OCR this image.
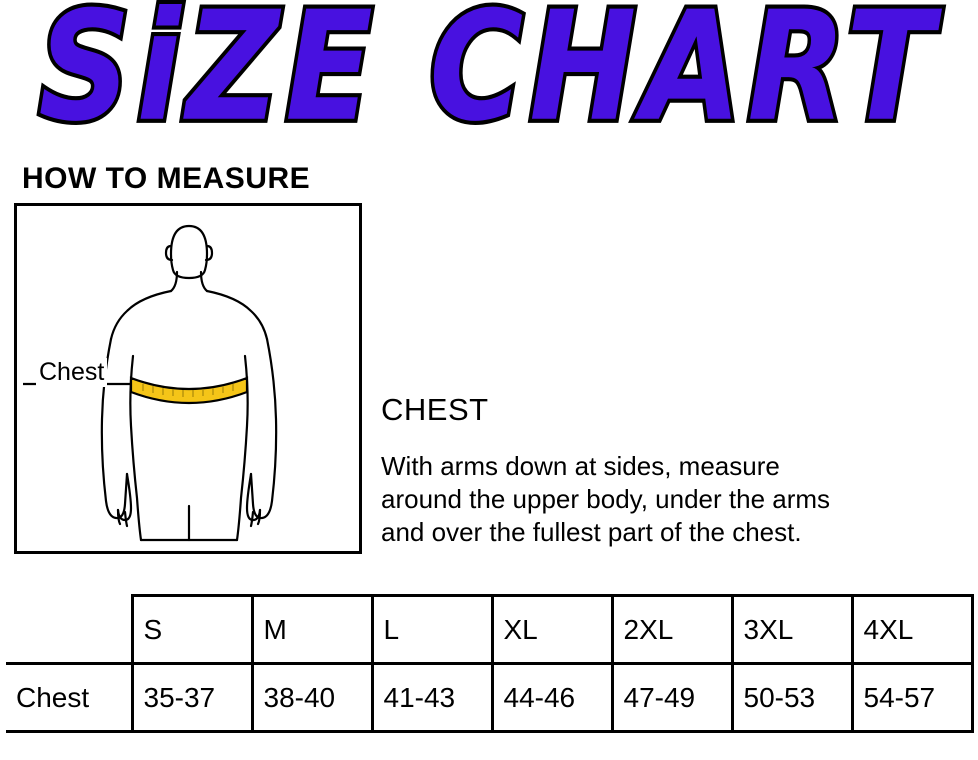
SiZE CHART
HOW TO MEASURE
Chest
CHEST
With arms down at sides, measure
around the upper body, under the arms
and over the fullest part of the chest.
	S	M	L	XL	2XL	3XL	4XL
Chest	35-37	38-40	41-43	44-46	47-49	50-53	54-57
